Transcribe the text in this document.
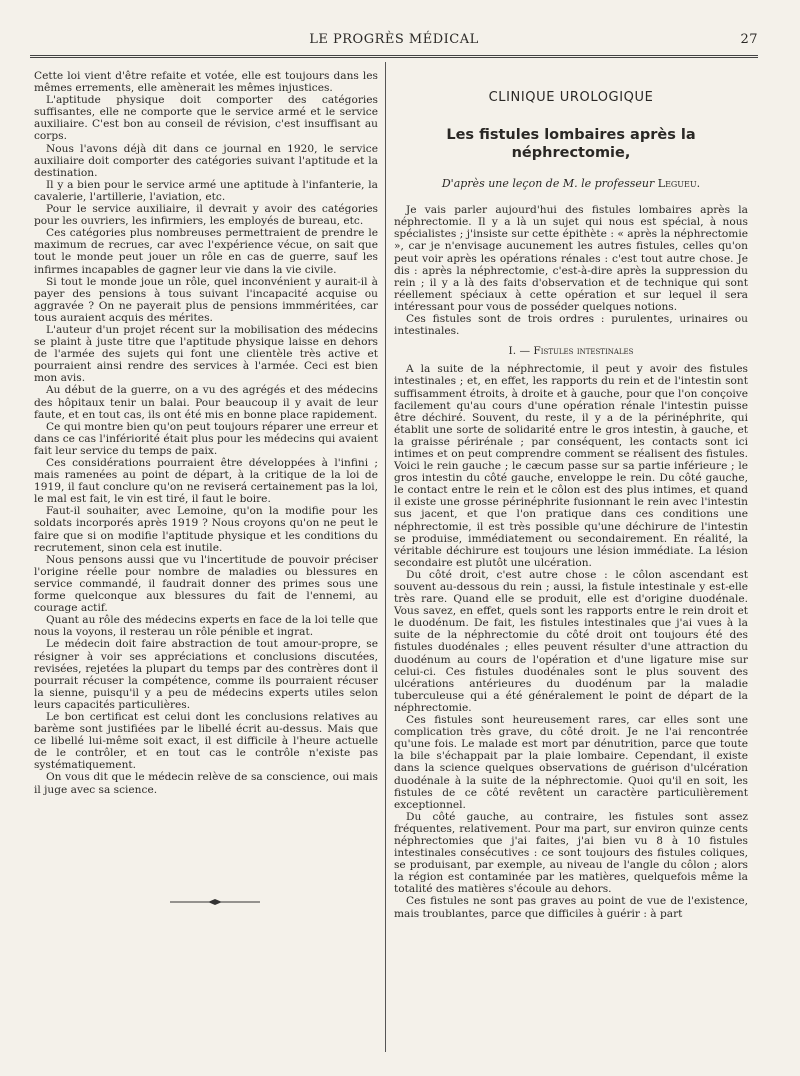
LE PROGRÈS MÉDICAL	27

Cette loi vient d'être refaite et votée, elle est toujours dans les mêmes errements, elle amènerait les mêmes injustices.

L'aptitude physique doit comporter des catégories suffisantes, elle ne comporte que le service armé et le service auxiliaire. C'est bon au conseil de révision, c'est insuffisant au corps.

Nous l'avons déjà dit dans ce journal en 1920, le service auxiliaire doit comporter des catégories suivant l'aptitude et la destination.

Il y a bien pour le service armé une aptitude à l'infanterie, la cavalerie, l'artillerie, l'aviation, etc.

Pour le service auxiliaire, il devrait y avoir des catégories pour les ouvriers, les infirmiers, les employés de bureau, etc.

Ces catégories plus nombreuses permettraient de prendre le maximum de recrues, car avec l'expérience vécue, on sait que tout le monde peut jouer un rôle en cas de guerre, sauf les infirmes incapables de gagner leur vie dans la vie civile.

Si tout le monde joue un rôle, quel inconvénient y aurait-il à payer des pensions à tous suivant l'incapacité acquise ou aggravée ? On ne payerait plus de pensions immméritées, car tous auraient acquis des mérites.

L'auteur d'un projet récent sur la mobilisation des médecins se plaint à juste titre que l'aptitude physique laisse en dehors de l'armée des sujets qui font une clientèle très active et pourraient ainsi rendre des services à l'armée. Ceci est bien mon avis.

Au début de la guerre, on a vu des agrégés et des médecins des hôpitaux tenir un balai. Pour beaucoup il y avait de leur faute, et en tout cas, ils ont été mis en bonne place rapidement.

Ce qui montre bien qu'on peut toujours réparer une erreur et dans ce cas l'infériorité était plus pour les médecins qui avaient fait leur service du temps de paix.

Ces considérations pourraient être développées à l'infini ; mais ramenées au point de départ, à la critique de la loi de 1919, il faut conclure qu'on ne reviserá certainement pas la loi, le mal est fait, le vin est tiré, il faut le boire.

Faut-il souhaiter, avec Lemoine, qu'on la modifie pour les soldats incorporés après 1919 ? Nous croyons qu'on ne peut le faire que si on modifie l'aptitude physique et les conditions du recrutement, sinon cela est inutile.

Nous pensons aussi que vu l'incertitude de pouvoir préciser l'origine réelle pour nombre de maladies ou blessures en service commandé, il faudrait donner des primes sous une forme quelconque aux blessures du fait de l'ennemi, au courage actif.

Quant au rôle des médecins experts en face de la loi telle que nous la voyons, il resterau un rôle pénible et ingrat.

Le médecin doit faire abstraction de tout amour-propre, se résigner à voir ses appréciations et conclusions discutées, revisées, rejetées la plupart du temps par des contrères dont il pourrait récuser la compétence, comme ils pourraient récuser la sienne, puisqu'il y a peu de médecins experts utiles selon leurs capacités particulières.

Le bon certificat est celui dont les conclusions relatives au barème sont justifiées par le libellé écrit au-dessus. Mais que ce libellé lui-même soit exact, il est difficile à l'heure actuelle de le contrôler, et en tout cas le contrôle n'existe pas systématiquement.

On vous dit que le médecin relève de sa conscience, oui mais il juge avec sa science.

CLINIQUE UROLOGIQUE
Les fistules lombaires après la néphrectomie,
D'après une leçon de M. le professeur Legueu.

Je vais parler aujourd'hui des fistules lombaires après la néphrectomie. Il y a là un sujet qui nous est spécial, à nous spécialistes ; j'insiste sur cette épithète : « après la néphrectomie », car je n'envisage aucunement les autres fistules, celles qu'on peut voir après les opérations rénales : c'est tout autre chose. Je dis : après la néphrectomie, c'est-à-dire après la suppression du rein ; il y a là des faits d'observation et de technique qui sont réellement spéciaux à cette opération et sur lequel il sera intéressant pour vous de posséder quelques notions.

Ces fistules sont de trois ordres : purulentes, urinaires ou intestinales.

I. — Fistules intestinales

A la suite de la néphrectomie, il peut y avoir des fistules intestinales ; et, en effet, les rapports du rein et de l'intestin sont suffisamment étroits, à droite et à gauche, pour que l'on conçoive facilement qu'au cours d'une opération rénale l'intestin puisse être déchiré. Souvent, du reste, il y a de la périnéphrite, qui établit une sorte de solidarité entre le gros intestin, à gauche, et la graisse périrénale ; par conséquent, les contacts sont ici intimes et on peut comprendre comment se réalisent des fistules. Voici le rein gauche ; le cæcum passe sur sa partie inférieure ; le gros intestin du côté gauche, enveloppe le rein. Du côté gauche, le contact entre le rein et le côlon est des plus intimes, et quand il existe une grosse périnéphrite fusionnant le rein avec l'intestin sus jacent, et que l'on pratique dans ces conditions une néphrectomie, il est très possible qu'une déchirure de l'intestin se produise, immédiatement ou secondairement. En réalité, la véritable déchirure est toujours une lésion immédiate. La lésion secondaire est plutôt une ulcération.

Du côté droit, c'est autre chose : le côlon ascendant est souvent au-dessous du rein ; aussi, la fistule intestinale y est-elle très rare. Quand elle se produit, elle est d'origine duodénale. Vous savez, en effet, quels sont les rapports entre le rein droit et le duodénum. De fait, les fistules intestinales que j'ai vues à la suite de la néphrectomie du côté droit ont toujours été des fistules duodénales ; elles peuvent résulter d'une attraction du duodénum au cours de l'opération et d'une ligature mise sur celui-ci. Ces fistules duodénales sont le plus souvent des ulcérations antérieures du duodénum par la maladie tuberculeuse qui a été généralement le point de départ de la néphrectomie.

Ces fistules sont heureusement rares, car elles sont une complication très grave, du côté droit. Je ne l'ai rencontrée qu'une fois. Le malade est mort par dénutrition, parce que toute la bile s'échappait par la plaie lombaire. Cependant, il existe dans la science quelques observations de guérison d'ulcération duodénale à la suite de la néphrectomie. Quoi qu'il en soit, les fistules de ce côté revêtent un caractère particulièrement exceptionnel.

Du côté gauche, au contraire, les fistules sont assez fréquentes, relativement. Pour ma part, sur environ quinze cents néphrectomies que j'ai faites, j'ai bien vu 8 à 10 fistules intestinales consécutives : ce sont toujours des fistules coliques, se produisant, par exemple, au niveau de l'angle du côlon ; alors la région est contaminée par les matières, quelquefois même la totalité des matières s'écoule au dehors.

Ces fistules ne sont pas graves au point de vue de l'existence, mais troublantes, parce que difficiles à guérir : à part
